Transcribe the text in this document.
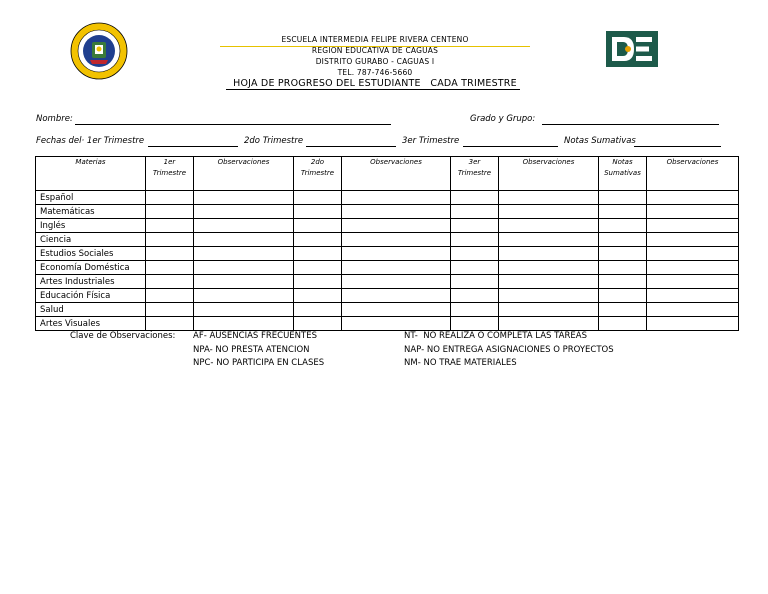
ESCUELA INTERMEDIA FELIPE RIVERA CENTENO
REGION EDUCATIVA DE CAGUAS
DISTRITO GURABO - CAGUAS I
TEL. 787-746-5660
HOJA DE PROGRESO DEL ESTUDIANTE   CADA TRIMESTRE
Nombre:	Grado y Grupo:
Fechas del· 1er Trimestre	2do Trimestre	3er Trimestre	Notas Sumativas
Materias	1er Trimestre	Observaciones	2do Trimestre	Observaciones	3er Trimestre	Observaciones	Notas Sumativas	Observaciones
Español								
Matemáticas								
Inglés								
Ciencia								
Estudios Sociales								
Economía Doméstica								
Artes Industriales								
Educación Física								
Salud								
Artes Visuales								
Clave de Observaciones: AF- AUSENCIAS FRECUENTES
NPA- NO PRESTA ATENCION
NPC- NO PARTICIPA EN CLASES
NT-  NO REALIZA O COMPLETA LAS TAREAS
NAP- NO ENTREGA ASIGNACIONES O PROYECTOS
NM- NO TRAE MATERIALES
